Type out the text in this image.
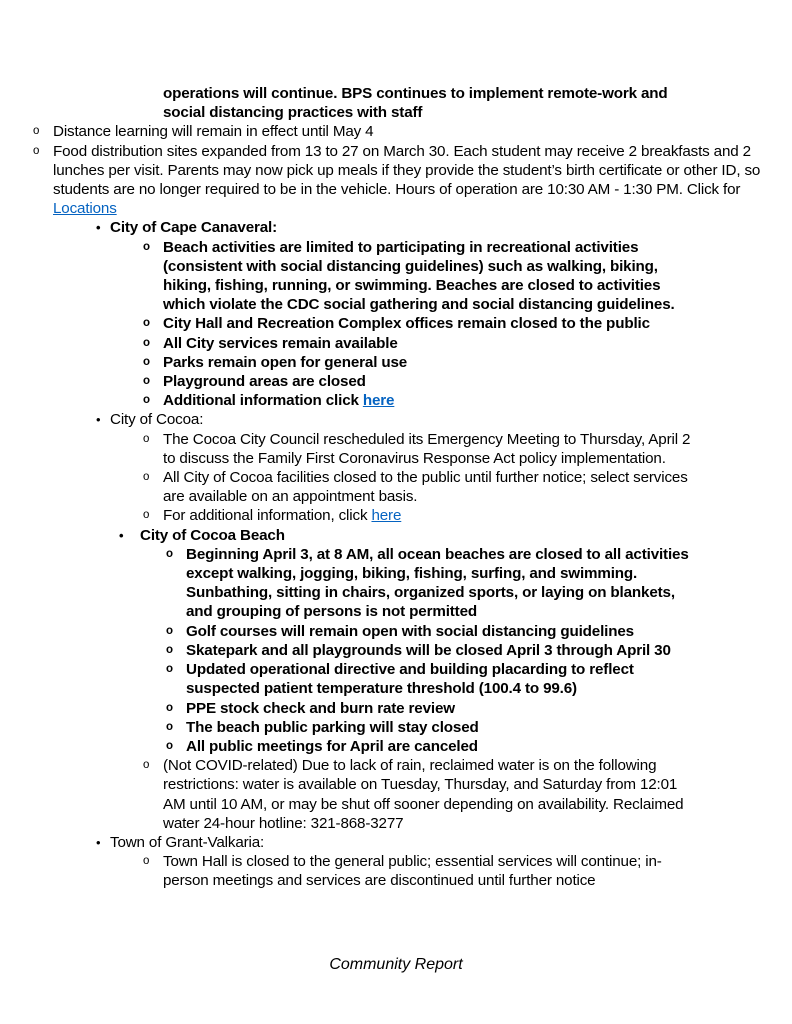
operations will continue. BPS continues to implement remote-work and social distancing practices with staff
o Distance learning will remain in effect until May 4
o Food distribution sites expanded from 13 to 27 on March 30. Each student may receive 2 breakfasts and 2 lunches per visit. Parents may now pick up meals if they provide the student’s birth certificate or other ID, so students are no longer required to be in the vehicle. Hours of operation are 10:30 AM - 1:30 PM. Click for Locations
• City of Cape Canaveral:
o Beach activities are limited to participating in recreational activities (consistent with social distancing guidelines) such as walking, biking, hiking, fishing, running, or swimming. Beaches are closed to activities which violate the CDC social gathering and social distancing guidelines.
o City Hall and Recreation Complex offices remain closed to the public
o All City services remain available
o Parks remain open for general use
o Playground areas are closed
o Additional information click here
• City of Cocoa:
o The Cocoa City Council rescheduled its Emergency Meeting to Thursday, April 2 to discuss the Family First Coronavirus Response Act policy implementation.
o All City of Cocoa facilities closed to the public until further notice; select services are available on an appointment basis.
o For additional information, click here
• City of Cocoa Beach
o Beginning April 3, at 8 AM, all ocean beaches are closed to all activities except walking, jogging, biking, fishing, surfing, and swimming. Sunbathing, sitting in chairs, organized sports, or laying on blankets, and grouping of persons is not permitted
o Golf courses will remain open with social distancing guidelines
o Skatepark and all playgrounds will be closed April 3 through April 30
o Updated operational directive and building placarding to reflect suspected patient temperature threshold (100.4 to 99.6)
o PPE stock check and burn rate review
o The beach public parking will stay closed
o All public meetings for April are canceled
o (Not COVID-related) Due to lack of rain, reclaimed water is on the following restrictions: water is available on Tuesday, Thursday, and Saturday from 12:01 AM until 10 AM, or may be shut off sooner depending on availability. Reclaimed water 24-hour hotline: 321-868-3277
• Town of Grant-Valkaria:
o Town Hall is closed to the general public; essential services will continue; in-person meetings and services are discontinued until further notice
Community Report
